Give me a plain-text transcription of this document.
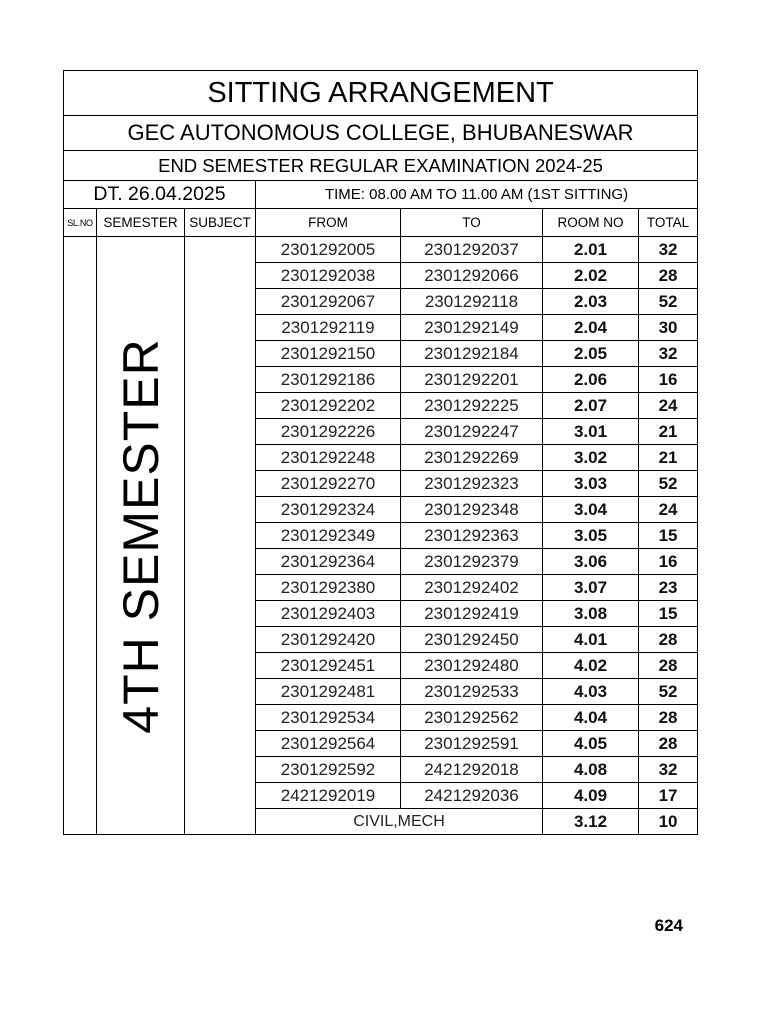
SITTING ARRANGEMENT						
GEC AUTONOMOUS COLLEGE, BHUBANESWAR						
END SEMESTER REGULAR EXAMINATION 2024-25						
DT. 26.04.2025			TIME: 08.00 AM TO 11.00 AM (1ST SITTING)			
SL.NO	SEMESTER	SUBJECT	FROM	TO	ROOM NO	TOTAL

	4TH SEMESTER		2301292005	2301292037	2.01	32
			2301292038	2301292066	2.02	28
			2301292067	2301292118	2.03	52
			2301292119	2301292149	2.04	30
			2301292150	2301292184	2.05	32
			2301292186	2301292201	2.06	16
			2301292202	2301292225	2.07	24
			2301292226	2301292247	3.01	21
			2301292248	2301292269	3.02	21
			2301292270	2301292323	3.03	52
			2301292324	2301292348	3.04	24
			2301292349	2301292363	3.05	15
			2301292364	2301292379	3.06	16
			2301292380	2301292402	3.07	23
			2301292403	2301292419	3.08	15
			2301292420	2301292450	4.01	28
			2301292451	2301292480	4.02	28
			2301292481	2301292533	4.03	52
			2301292534	2301292562	4.04	28
			2301292564	2301292591	4.05	28
			2301292592	2421292018	4.08	32
			2421292019	2421292036	4.09	17
			CIVIL,MECH		3.12	10
624
